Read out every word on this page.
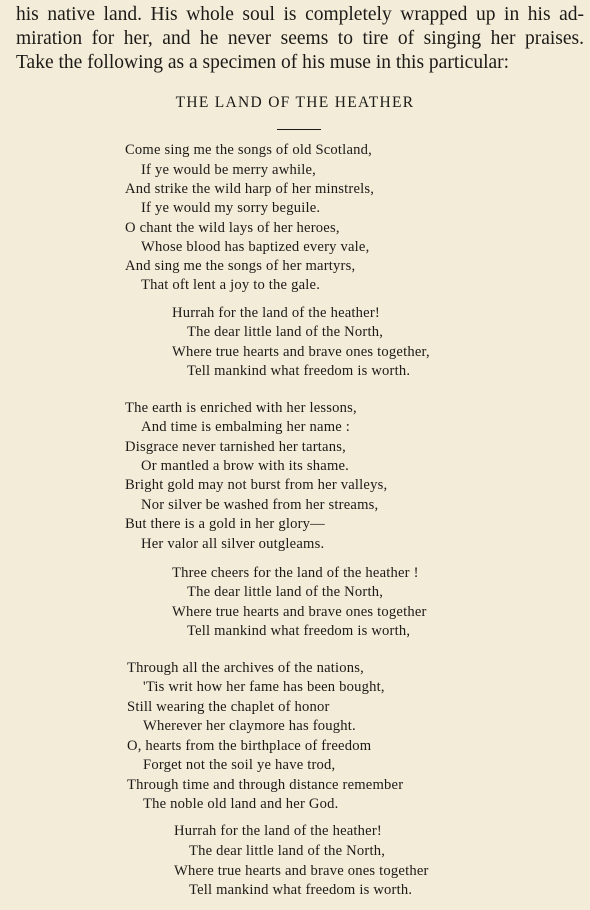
his native land. His whole soul is completely wrapped up in his ad-
miration for her, and he never seems to tire of singing her praises.
Take the following as a specimen of his muse in this particular:
THE LAND OF THE HEATHER
Come sing me the songs of old Scotland,
If ye would be merry awhile,
And strike the wild harp of her minstrels,
If ye would my sorry beguile.
O chant the wild lays of her heroes,
Whose blood has baptized every vale,
And sing me the songs of her martyrs,
That oft lent a joy to the gale.
Hurrah for the land of the heather!
The dear little land of the North,
Where true hearts and brave ones together,
Tell mankind what freedom is worth.
The earth is enriched with her lessons,
And time is embalming her name :
Disgrace never tarnished her tartans,
Or mantled a brow with its shame.
Bright gold may not burst from her valleys,
Nor silver be washed from her streams,
But there is a gold in her glory—
Her valor all silver outgleams.
Three cheers for the land of the heather !
The dear little land of the North,
Where true hearts and brave ones together
Tell mankind what freedom is worth,
Through all the archives of the nations,
'Tis writ how her fame has been bought,
Still wearing the chaplet of honor
Wherever her claymore has fought.
O, hearts from the birthplace of freedom
Forget not the soil ye have trod,
Through time and through distance remember
The noble old land and her God.
Hurrah for the land of the heather!
The dear little land of the North,
Where true hearts and brave ones together
Tell mankind what freedom is worth.
